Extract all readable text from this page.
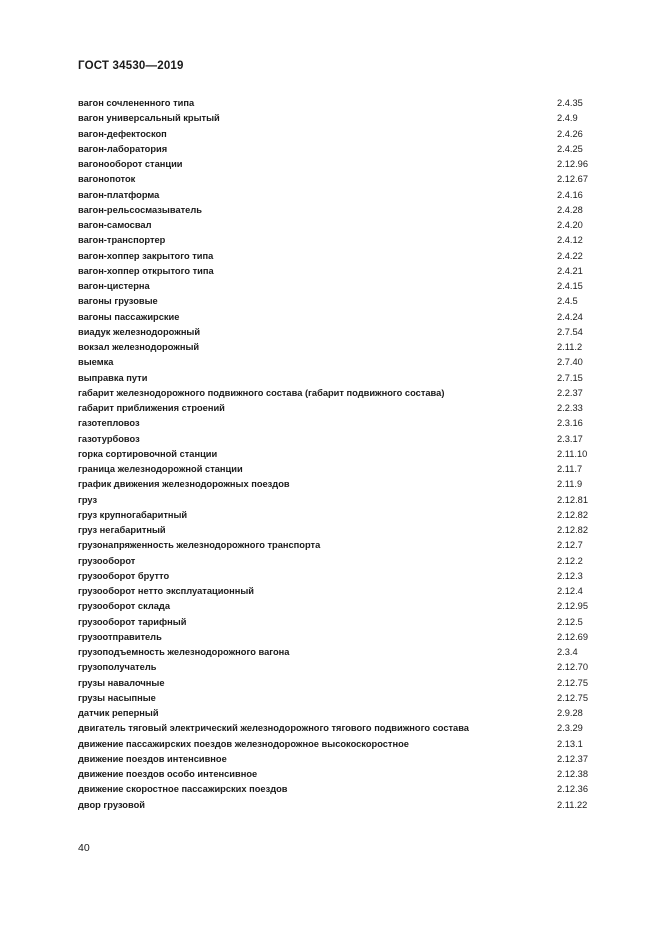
ГОСТ 34530—2019
вагон сочлененного типа	2.4.35
вагон универсальный крытый	2.4.9
вагон-дефектоскоп	2.4.26
вагон-лаборатория	2.4.25
вагонооборот станции	2.12.96
вагонопоток	2.12.67
вагон-платформа	2.4.16
вагон-рельсосмазыватель	2.4.28
вагон-самосвал	2.4.20
вагон-транспортер	2.4.12
вагон-хоппер закрытого типа	2.4.22
вагон-хоппер открытого типа	2.4.21
вагон-цистерна	2.4.15
вагоны грузовые	2.4.5
вагоны пассажирские	2.4.24
виадук железнодорожный	2.7.54
вокзал железнодорожный	2.11.2
выемка	2.7.40
выправка пути	2.7.15
габарит железнодорожного подвижного состава (габарит подвижного состава)	2.2.37
габарит приближения строений	2.2.33
газотепловоз	2.3.16
газотурбовоз	2.3.17
горка сортировочной станции	2.11.10
граница железнодорожной станции	2.11.7
график движения железнодорожных поездов	2.11.9
груз	2.12.81
груз крупногабаритный	2.12.82
груз негабаритный	2.12.82
грузонапряженность железнодорожного транспорта	2.12.7
грузооборот	2.12.2
грузооборот брутто	2.12.3
грузооборот нетто эксплуатационный	2.12.4
грузооборот склада	2.12.95
грузооборот тарифный	2.12.5
грузоотправитель	2.12.69
грузоподъемность железнодорожного вагона	2.3.4
грузополучатель	2.12.70
грузы навалочные	2.12.75
грузы насыпные	2.12.75
датчик реперный	2.9.28
двигатель тяговый электрический железнодорожного тягового подвижного состава	2.3.29
движение пассажирских поездов железнодорожное высокоскоростное	2.13.1
движение поездов интенсивное	2.12.37
движение поездов особо интенсивное	2.12.38
движение скоростное пассажирских поездов	2.12.36
двор грузовой	2.11.22
40
